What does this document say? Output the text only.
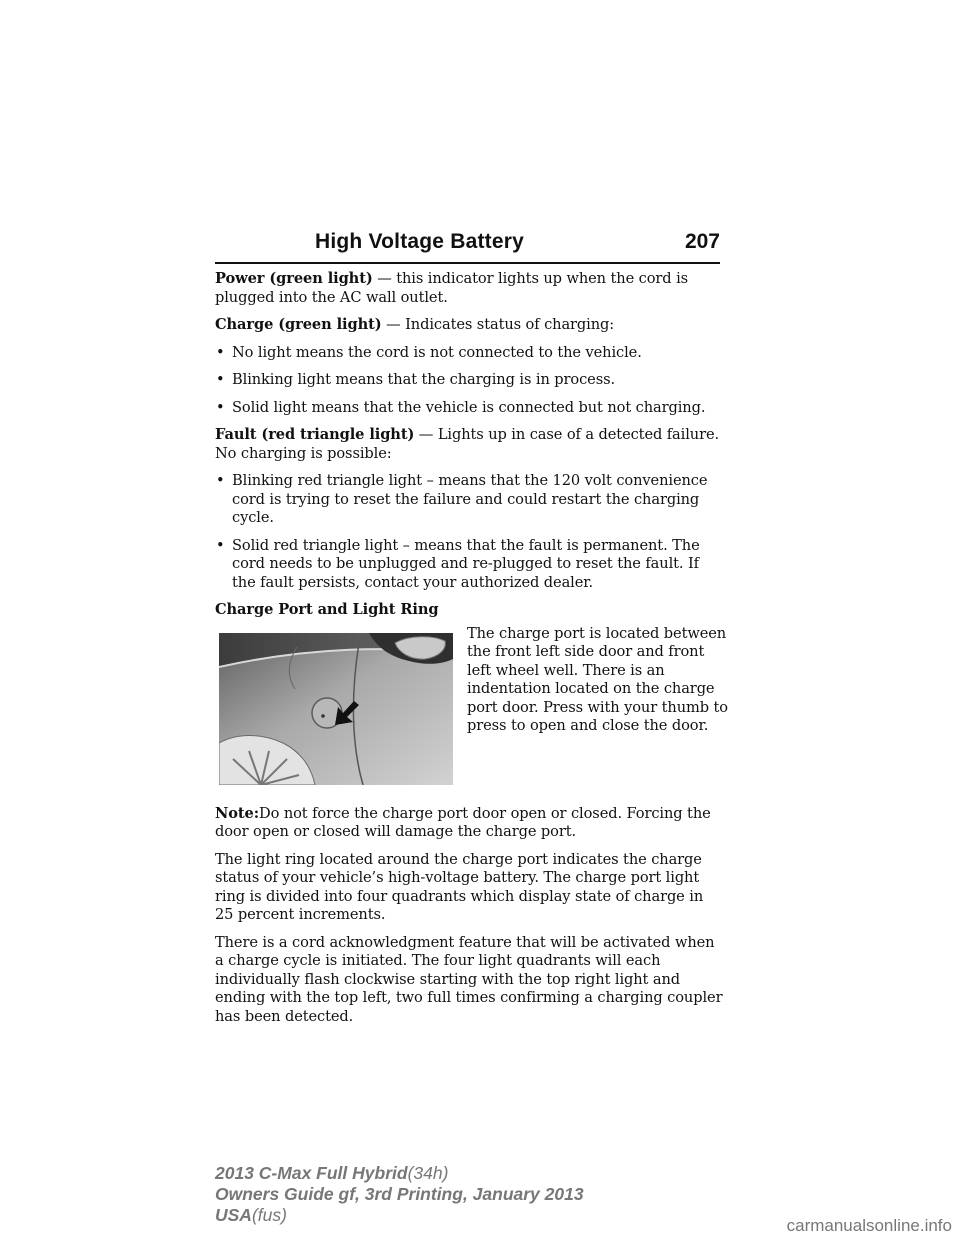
High Voltage Battery	207

Power (green light) — this indicator lights up when the cord is plugged into the AC wall outlet.

Charge (green light) — Indicates status of charging:

• No light means the cord is not connected to the vehicle.
• Blinking light means that the charging is in process.
• Solid light means that the vehicle is connected but not charging.

Fault (red triangle light) — Lights up in case of a detected failure. No charging is possible:

• Blinking red triangle light – means that the 120 volt convenience cord is trying to reset the failure and could restart the charging cycle.
• Solid red triangle light – means that the fault is permanent. The cord needs to be unplugged and re-plugged to reset the fault. If the fault persists, contact your authorized dealer.
Charge Port and Light Ring
The charge port is located between the front left side door and front left wheel well. There is an indentation located on the charge port door. Press with your thumb to press to open and close the door.

Note:Do not force the charge port door open or closed. Forcing the door open or closed will damage the charge port.

The light ring located around the charge port indicates the charge status of your vehicle’s high-voltage battery. The charge port light ring is divided into four quadrants which display state of charge in 25 percent increments.

There is a cord acknowledgment feature that will be activated when a charge cycle is initiated. The four light quadrants will each individually flash clockwise starting with the top right light and ending with the top left, two full times confirming a charging coupler has been detected.

2013 C-Max Full Hybrid(34h)
Owners Guide gf, 3rd Printing, January 2013
USA(fus)
carmanualsonline.info
